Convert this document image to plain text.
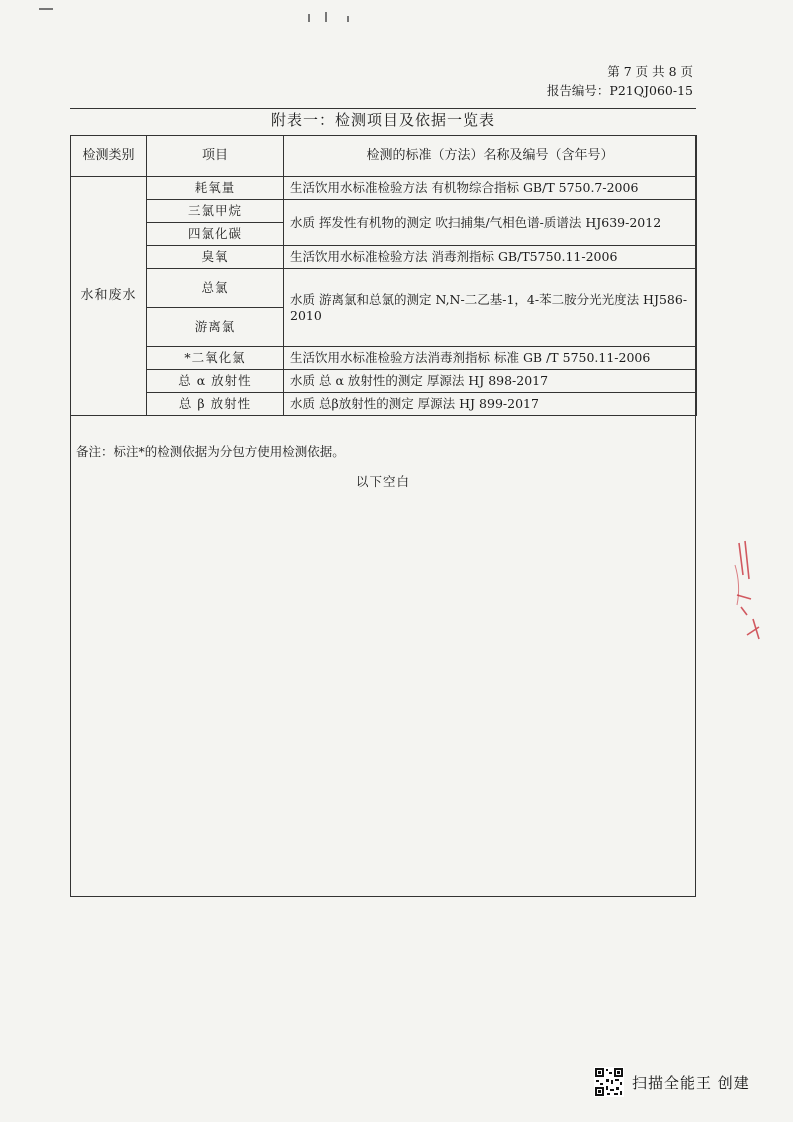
第 7 页 共 8 页
报告编号：P21QJ060-15
附表一：检测项目及依据一览表
检测类别	项目	检测的标准（方法）名称及编号（含年号）
水和废水	耗氧量	生活饮用水标准检验方法 有机物综合指标 GB/T 5750.7-2006
	三氯甲烷	水质 挥发性有机物的测定 吹扫捕集/气相色谱-质谱法 HJ639-2012
	四氯化碳	
	臭氧	生活饮用水标准检验方法 消毒剂指标 GB/T5750.11-2006
	总氯	水质 游离氯和总氯的测定 N,N-二乙基-1，4-苯二胺分光光度法 HJ586-2010
	游离氯	
	*二氧化氯	生活饮用水标准检验方法消毒剂指标 标准 GB /T 5750.11-2006
	总 α 放射性	水质 总 α 放射性的测定 厚源法 HJ 898-2017
	总 β 放射性	水质 总β放射性的测定 厚源法 HJ 899-2017
备注：标注*的检测依据为分包方使用检测依据。
以下空白
扫描全能王 创建
